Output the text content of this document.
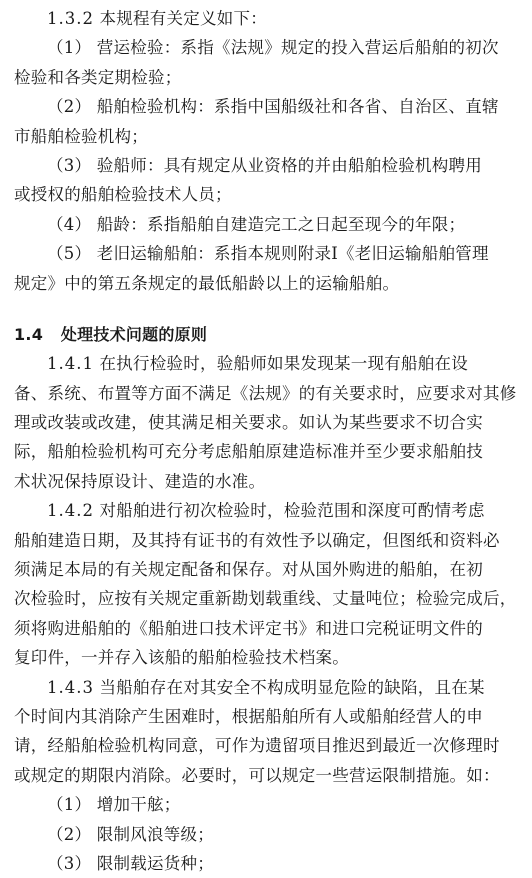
1.3.2 本规程有关定义如下：
（1） 营运检验：系指《法规》规定的投入营运后船舶的初次
检验和各类定期检验；
（2） 船舶检验机构：系指中国船级社和各省、自治区、直辖
市船舶检验机构；
（3） 验船师：具有规定从业资格的并由船舶检验机构聘用
或授权的船舶检验技术人员；
（4） 船龄：系指船舶自建造完工之日起至现今的年限；
（5） 老旧运输船舶：系指本规则附录Ⅰ《老旧运输船舶管理
规定》中的第五条规定的最低船龄以上的运输船舶。
1.4 处理技术问题的原则
1.4.1 在执行检验时，验船师如果发现某一现有船舶在设
备、系统、布置等方面不满足《法规》的有关要求时，应要求对其修
理或改装或改建，使其满足相关要求。如认为某些要求不切合实
际，船舶检验机构可充分考虑船舶原建造标准并至少要求船舶技
术状况保持原设计、建造的水准。
1.4.2 对船舶进行初次检验时，检验范围和深度可酌情考虑
船舶建造日期，及其持有证书的有效性予以确定，但图纸和资料必
须满足本局的有关规定配备和保存。对从国外购进的船舶，在初
次检验时，应按有关规定重新勘划载重线、丈量吨位；检验完成后，
须将购进船舶的《船舶进口技术评定书》和进口完税证明文件的
复印件，一并存入该船的船舶检验技术档案。
1.4.3 当船舶存在对其安全不构成明显危险的缺陷，且在某
个时间内其消除产生困难时，根据船舶所有人或船舶经营人的申
请，经船舶检验机构同意，可作为遗留项目推迟到最近一次修理时
或规定的期限内消除。必要时，可以规定一些营运限制措施。如：
（1） 增加干舷；
（2） 限制风浪等级；
（3） 限制载运货种；
